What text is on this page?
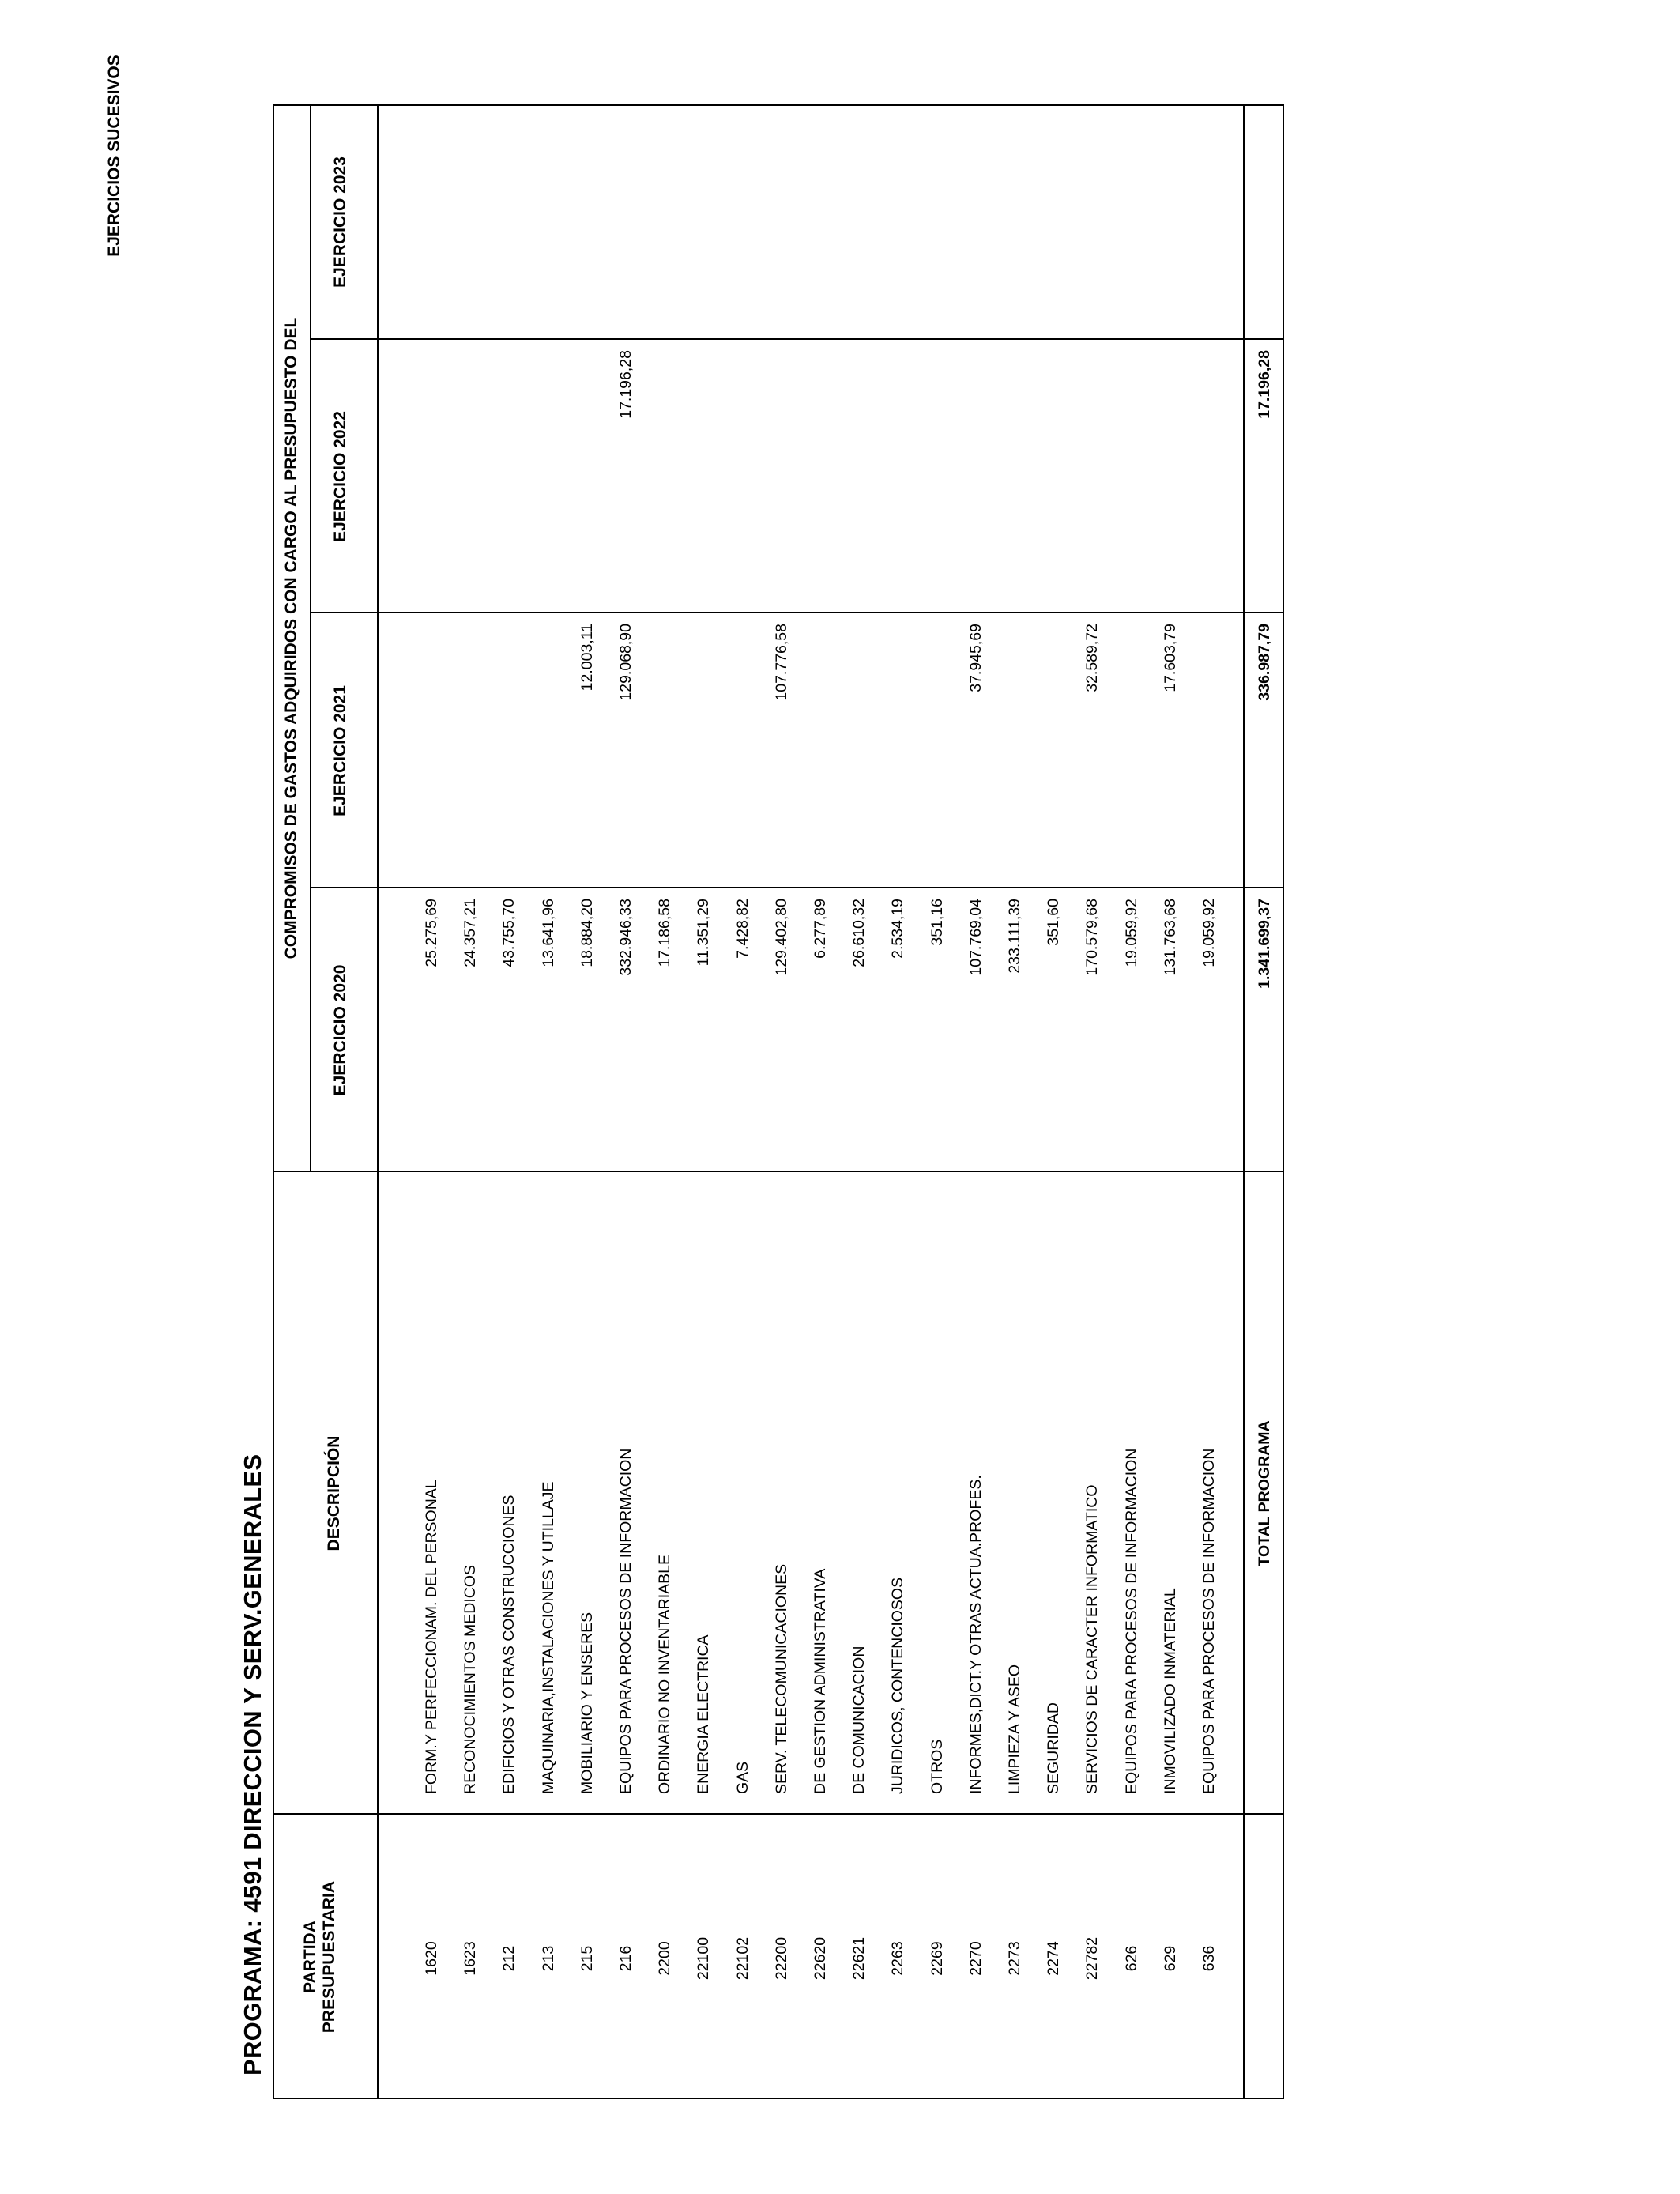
PROGRAMA: 4591 DIRECCION Y SERV.GENERALES PARTIDA PRESUPUESTARIA
DESCRIPCIÓN
COMPROMISOS DE GASTOS ADQUIRIDOS CON CARGO AL PRESUPUESTO DEL
EJERCICIO 2020
EJERCICIO 2021
EJERCICIO 2022
EJERCICIO 2023
1620
FORM.Y PERFECCIONAM. DEL PERSONAL
25.275,69
1623
RECONOCIMIENTOS MEDICOS
24.357,21
212
EDIFICIOS Y OTRAS CONSTRUCCIONES
43.755,70
213
MAQUINARIA,INSTALACIONES Y UTILLAJE
13.641,96
215
MOBILIARIO Y ENSERES
18.884,20
12.003,11
216
EQUIPOS PARA PROCESOS DE INFORMACION
332.946,33
129.068,90
17.196,28
2200
ORDINARIO NO INVENTARIABLE
17.186,58
22100
ENERGIA ELECTRICA
11.351,29
22102
GAS
7.428,82
22200
SERV. TELECOMUNICACIONES
129.402,80
107.776,58
22620
DE GESTION ADMINISTRATIVA
6.277,89
22621
DE COMUNICACION
26.610,32
2263
JURIDICOS, CONTENCIOSOS
2.534,19
2269
OTROS
351,16
2270
INFORMES,DICT.Y OTRAS ACTUA.PROFES.
107.769,04
37.945,69
2273
LIMPIEZA Y ASEO
233.111,39
2274
SEGURIDAD
351,60
22782
SERVICIOS DE CARACTER INFORMATICO
170.579,68
32.589,72
626
EQUIPOS PARA PROCESOS DE INFORMACION
19.059,92
629
INMOVILIZADO INMATERIAL
131.763,68
17.603,79
636
EQUIPOS PARA PROCESOS DE INFORMACION
19.059,92
TOTAL PROGRAMA
1.341.699,37
336.987,79
17.196,28
EJERCICIOS SUCESIVOS
